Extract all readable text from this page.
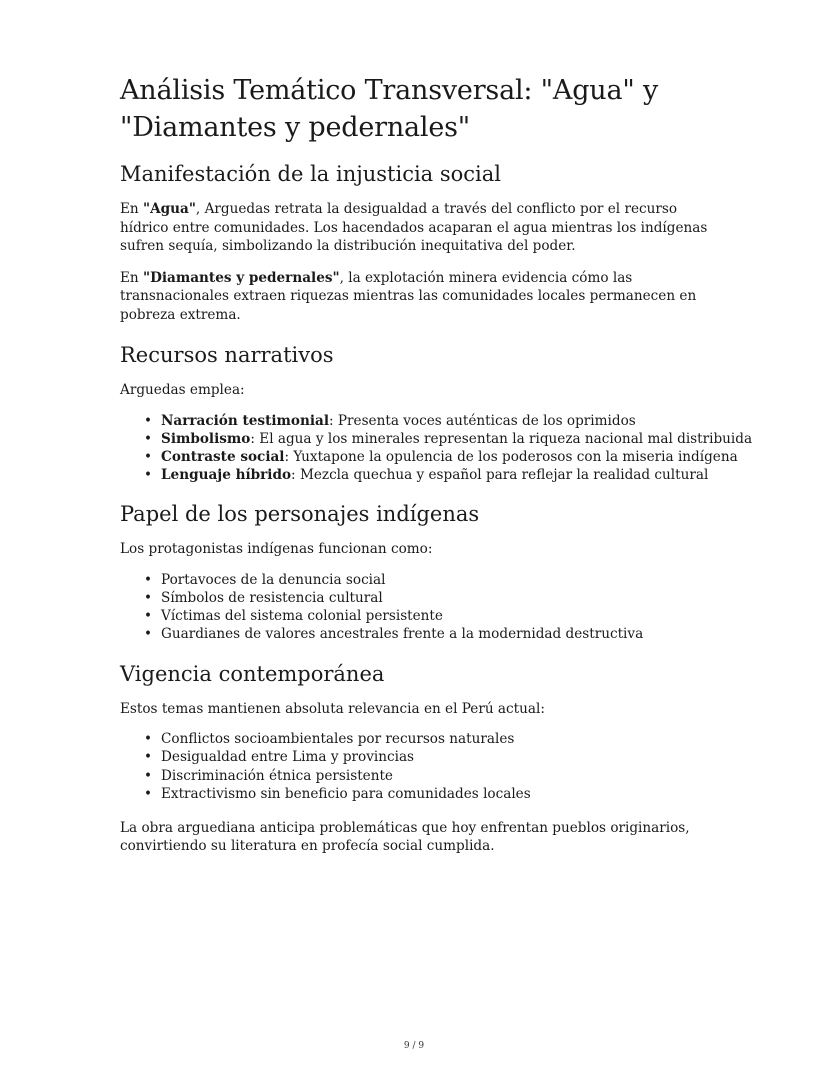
Análisis Temático Transversal: "Agua" y "Diamantes y pedernales"
Manifestación de la injusticia social

En "Agua", Arguedas retrata la desigualdad a través del conflicto por el recurso hídrico entre comunidades. Los hacendados acaparan el agua mientras los indígenas sufren sequía, simbolizando la distribución inequitativa del poder.

En "Diamantes y pedernales", la explotación minera evidencia cómo las transnacionales extraen riquezas mientras las comunidades locales permanecen en pobreza extrema.

Recursos narrativos

Arguedas emplea:

• Narración testimonial: Presenta voces auténticas de los oprimidos
• Simbolismo: El agua y los minerales representan la riqueza nacional mal distribuida
• Contraste social: Yuxtapone la opulencia de los poderosos con la miseria indígena
• Lenguaje híbrido: Mezcla quechua y español para reflejar la realidad cultural
Papel de los personajes indígenas

Los protagonistas indígenas funcionan como:

• Portavoces de la denuncia social
• Símbolos de resistencia cultural
• Víctimas del sistema colonial persistente
• Guardianes de valores ancestrales frente a la modernidad destructiva
Vigencia contemporánea

Estos temas mantienen absoluta relevancia en el Perú actual:

• Conflictos socioambientales por recursos naturales
• Desigualdad entre Lima y provincias
• Discriminación étnica persistente
• Extractivismo sin beneficio para comunidades locales

La obra arguediana anticipa problemáticas que hoy enfrentan pueblos originarios, convirtiendo su literatura en profecía social cumplida.

9 / 9
